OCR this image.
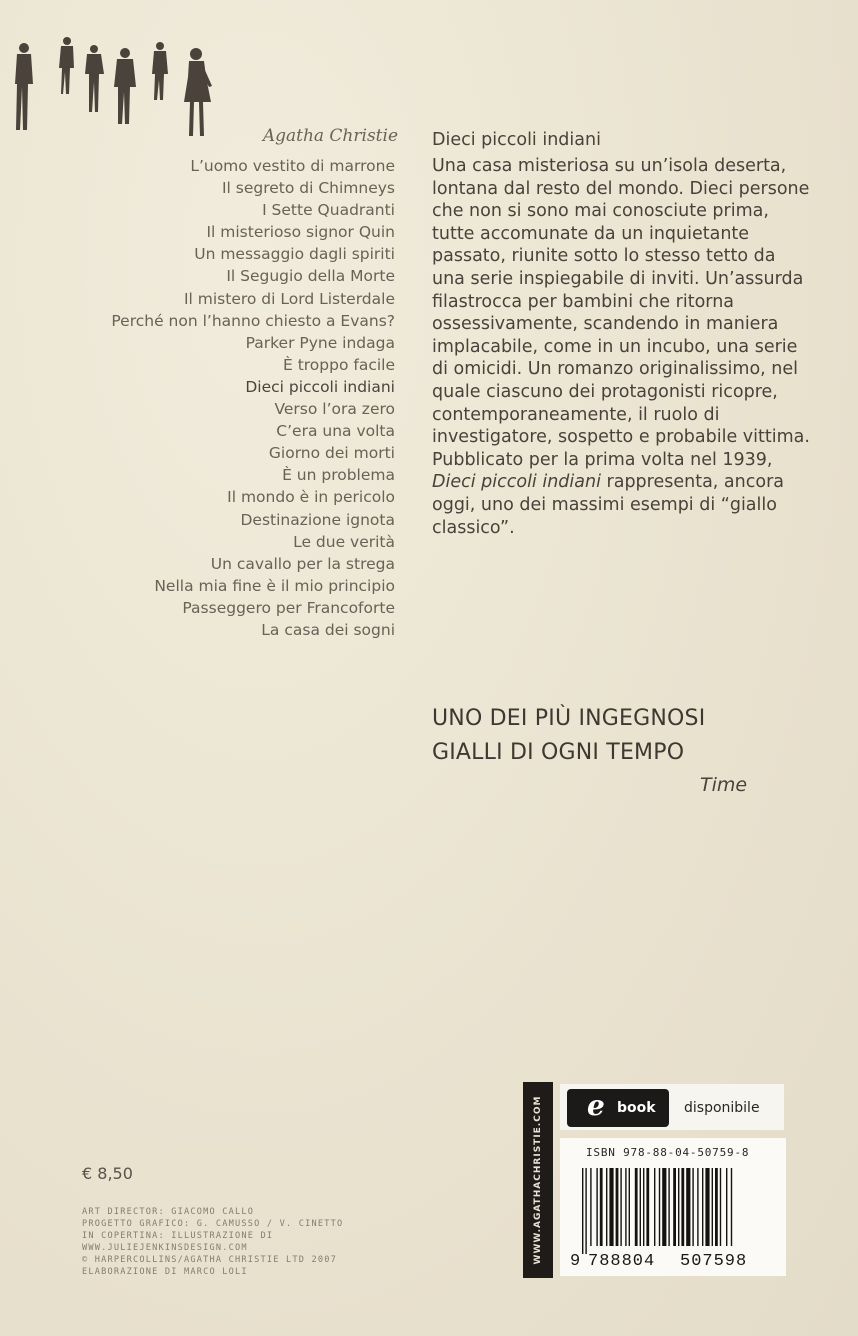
Agatha Christie
L’uomo vestito di marrone
Il segreto di Chimneys
I Sette Quadranti
Il misterioso signor Quin
Un messaggio dagli spiriti
Il Segugio della Morte
Il mistero di Lord Listerdale
Perché non l’hanno chiesto a Evans?
Parker Pyne indaga
È troppo facile
Dieci piccoli indiani
Verso l’ora zero
C’era una volta
Giorno dei morti
È un problema
Il mondo è in pericolo
Destinazione ignota
Le due verità
Un cavallo per la strega
Nella mia fine è il mio principio
Passeggero per Francoforte
La casa dei sogni
Dieci piccoli indiani

Una casa misteriosa su un’isola deserta, lontana dal resto del mondo. Dieci persone che non si sono mai conosciute prima, tutte accomunate da un inquietante passato, riunite sotto lo stesso tetto da una serie inspiegabile di inviti. Un’assurda filastrocca per bambini che ritorna ossessivamente, scandendo in maniera implacabile, come in un incubo, una serie di omicidi. Un romanzo originalissimo, nel quale ciascuno dei protagonisti ricopre, contemporaneamente, il ruolo di investigatore, sospetto e probabile vittima. Pubblicato per la prima volta nel 1939, Dieci piccoli indiani rappresenta, ancora oggi, uno dei massimi esempi di “giallo classico”.

UNO DEI PIÙ INGEGNOSI
GIALLI DI OGNI TEMPO
Time
€ 8,50
ART DIRECTOR: GIACOMO CALLO
PROGETTO GRAFICO: G. CAMUSSO / V. CINETTO
IN COPERTINA: ILLUSTRAZIONE DI
WWW.JULIEJENKINSDESIGN.COM
© HARPERCOLLINS/AGATHA CHRISTIE LTD 2007
ELABORAZIONE DI MARCO LOLI
WWW.AGATHACHRISTIE.COM e book disponibile
ISBN 978-88-04-50759-8
9 788804 507598
